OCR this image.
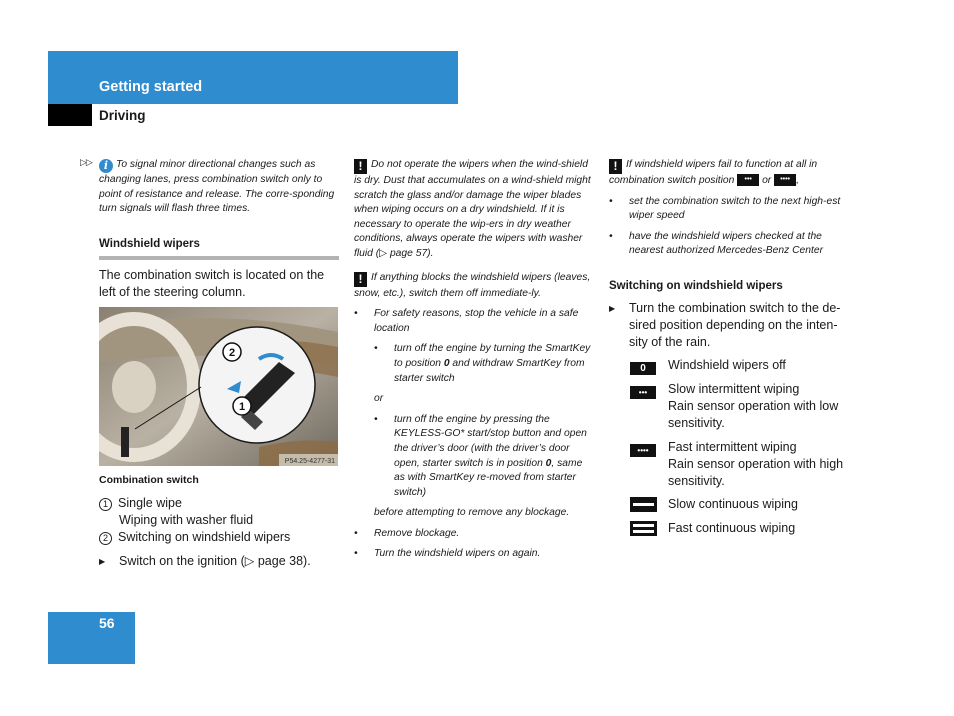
Getting started
Driving
56
▷▷	i To signal minor directional changes such as changing lanes, press combination switch only to point of resistance and release. The corre-sponding turn signals will flash three times.

Windshield wipers
The combination switch is located on the left of the steering column.
2
1
P54.25-4277-31
Combination switch
1 Single wipe
Wiping with washer fluid
2 Switching on windshield wipers
▶ Switch on the ignition (▷ page 38).

! Do not operate the wipers when the wind-shield is dry. Dust that accumulates on a wind-shield might scratch the glass and/or damage the wiper blades when wiping occurs on a dry windshield. If it is necessary to operate the wip-ers in dry weather conditions, always operate the wipers with washer fluid (▷ page 57).

! If anything blocks the windshield wipers (leaves, snow, etc.), switch them off immediate-ly.

• For safety reasons, stop the vehicle in a safe location
• turn off the engine by turning the SmartKey to position 0 and withdraw SmartKey from starter switch
or
• turn off the engine by pressing the KEYLESS-GO* start/stop button and open the driver’s door (with the driver’s door open, starter switch is in position 0, same as with SmartKey re-moved from starter switch)
before attempting to remove any blockage.
• Remove blockage.
• Turn the windshield wipers on again.

! If windshield wipers fail to function at all in combination switch position ••• or •••• ,

• set the combination switch to the next high-est wiper speed
• have the windshield wipers checked at the nearest authorized Mercedes-Benz Center
Switching on windshield wipers
▶ Turn the combination switch to the de-sired position depending on the inten-sity of the rain.
0	Windshield wipers off
•••	Slow intermittent wiping
Rain sensor operation with low sensitivity.
••••	Fast intermittent wiping
Rain sensor operation with high sensitivity.
Slow continuous wiping
Fast continuous wiping
